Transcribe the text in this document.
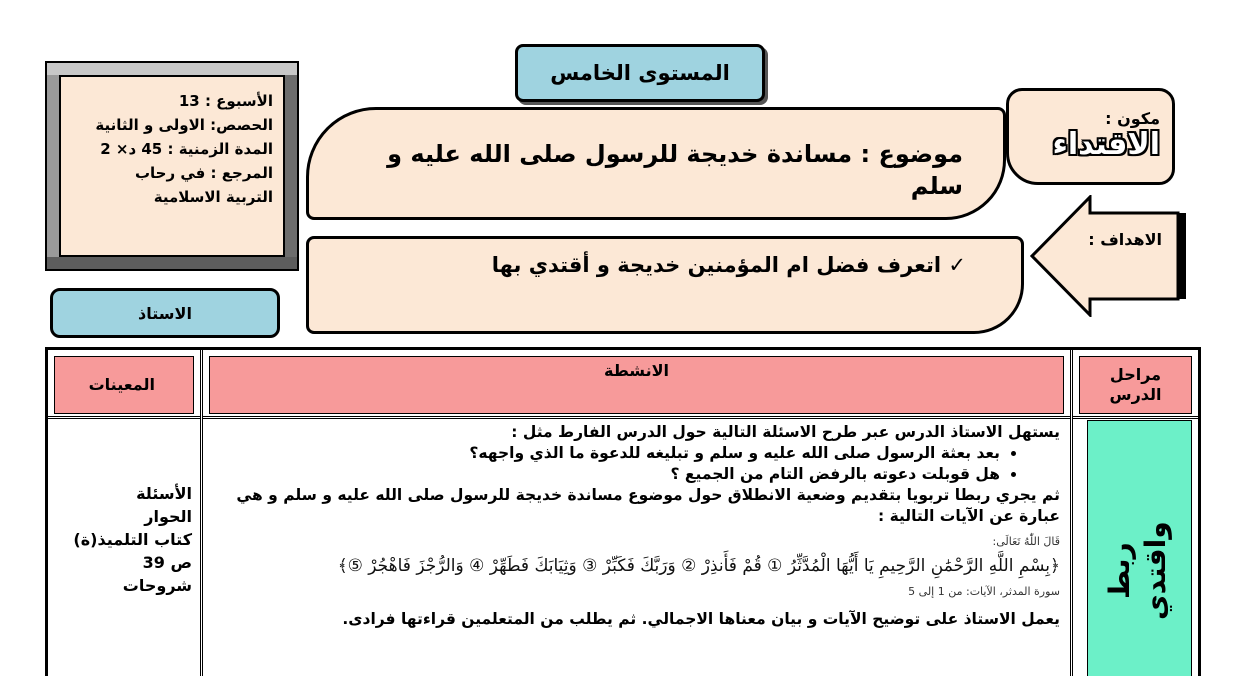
الأسبوع : 13
الحصص: الاولى و الثانية
المدة الزمنية : 45 د× 2
المرجع : في رحاب
التربية الاسلامية
المستوى الخامس
موضوع : مساندة خديجة للرسول صلى الله عليه و سلم
مكون :
الاقتداء
الاهداف :
✓ اتعرف فضل ام المؤمنين خديجة و أقتدي بها
الاستاذ
المعينات
الأسئلة
الحوار
كتاب التلميذ(ة)
ص 39
شروحات
الانشطة

يستهل الاستاذ الدرس عبر طرح الاسئلة التالية حول الدرس الفارط مثل :

• بعد بعثة الرسول صلى الله عليه و سلم و تبليغه للدعوة ما الذي واجهه؟
• هل قوبلت دعوته بالرفض التام من الجميع ؟

ثم يجري ربطا تربويا بتقديم وضعية الانطلاق حول موضوع مساندة خديجة للرسول صلى الله عليه و سلم و هي عبارة عن الآيات التالية :

قَالَ اللّٰهُ تَعَالَى:
﴿بِسْمِ اللَّهِ الرَّحْمَٰنِ الرَّحِيمِ يَا أَيُّهَا الْمُدَّثِّرُ ① قُمْ فَأَنذِرْ ② وَرَبَّكَ فَكَبِّرْ ③ وَثِيَابَكَ فَطَهِّرْ ④ وَالرُّجْزَ فَاهْجُرْ ⑤﴾
سورة المدثر، الآيات: من 1 إلى 5

يعمل الاستاذ على توضيح الآيات و بيان معناها الاجمالي. ثم يطلب من المتعلمين قراءتها فرادى.

مراحل الدرس
ربط واقتدي
